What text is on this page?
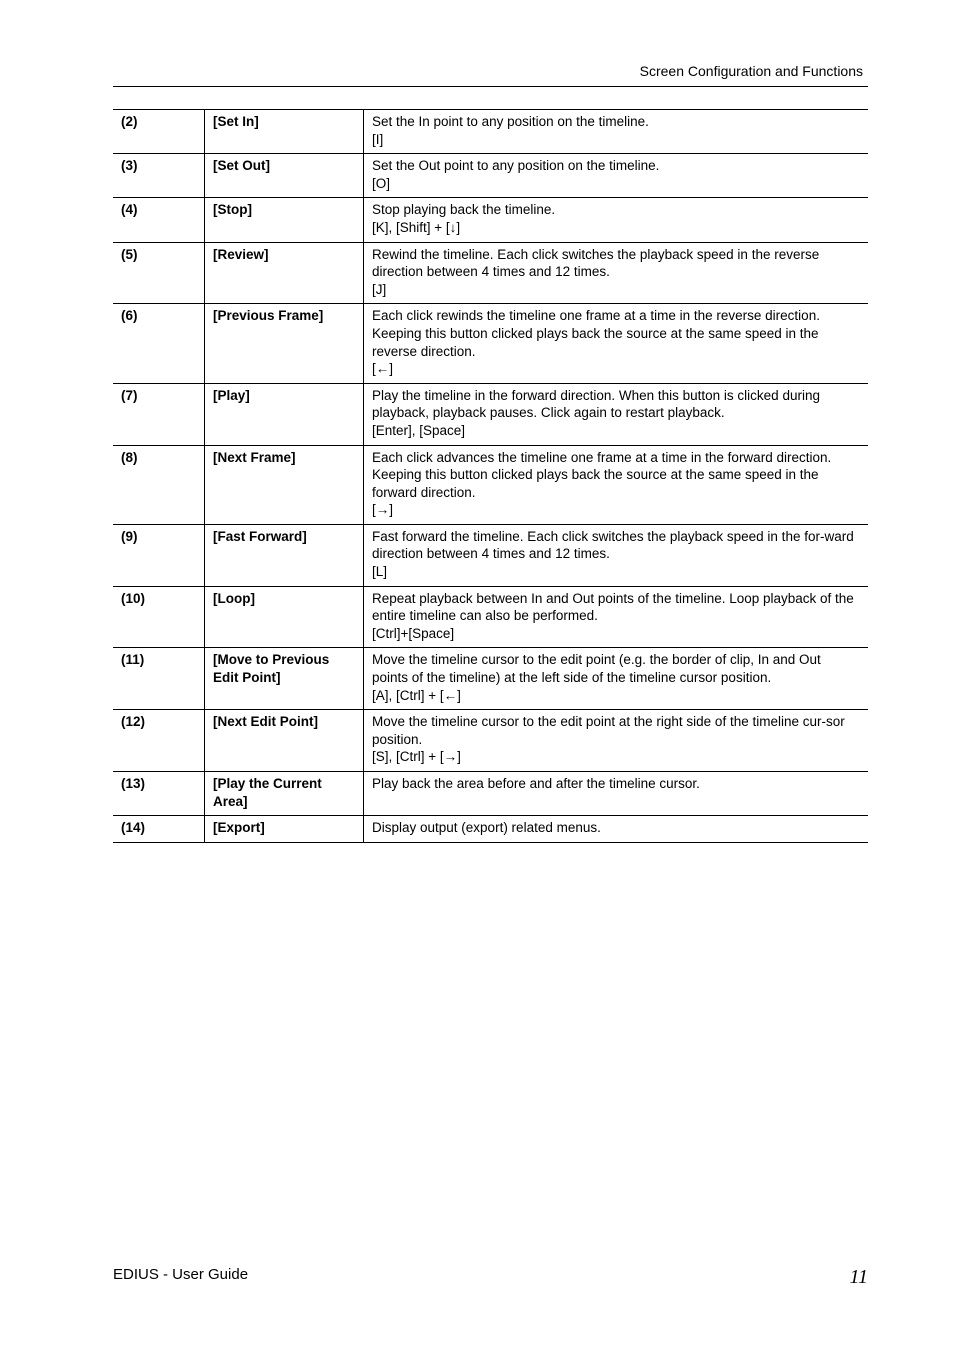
Screen Configuration and Functions
(2)	[Set In]	Set the In point to any position on the timeline.
[I]

(3)	[Set Out]	Set the Out point to any position on the timeline.
[O]

(4)	[Stop]	Stop playing back the timeline.
[K], [Shift] + [↓]

(5)	[Review]	Rewind the timeline. Each click switches the playback speed in the reverse direction between 4 times and 12 times.
[J]

(6)	[Previous Frame]	Each click rewinds the timeline one frame at a time in the reverse direction. Keeping this button clicked plays back the source at the same speed in the reverse direction.
[←]

(7)	[Play]	Play the timeline in the forward direction. When this button is clicked during playback, playback pauses. Click again to restart playback.
[Enter], [Space]

(8)	[Next Frame]	Each click advances the timeline one frame at a time in the forward direction. Keeping this button clicked plays back the source at the same speed in the forward direction.
[→]

(9)	[Fast Forward]	Fast forward the timeline. Each click switches the playback speed in the for-ward direction between 4 times and 12 times.
[L]

(10)	[Loop]	Repeat playback between In and Out points of the timeline. Loop playback of the entire timeline can also be performed.
[Ctrl]+[Space]

(11)	[Move to Previous Edit Point]	Move the timeline cursor to the edit point (e.g. the border of clip, In and Out points of the timeline) at the left side of the timeline cursor position.
[A], [Ctrl] + [←]

(12)	[Next Edit Point]	Move the timeline cursor to the edit point at the right side of the timeline cur-sor position.
[S], [Ctrl] + [→]

(13)	[Play the Current Area]	Play back the area before and after the timeline cursor.

(14)	[Export]	Display output (export) related menus.
EDIUS - User Guide	11
